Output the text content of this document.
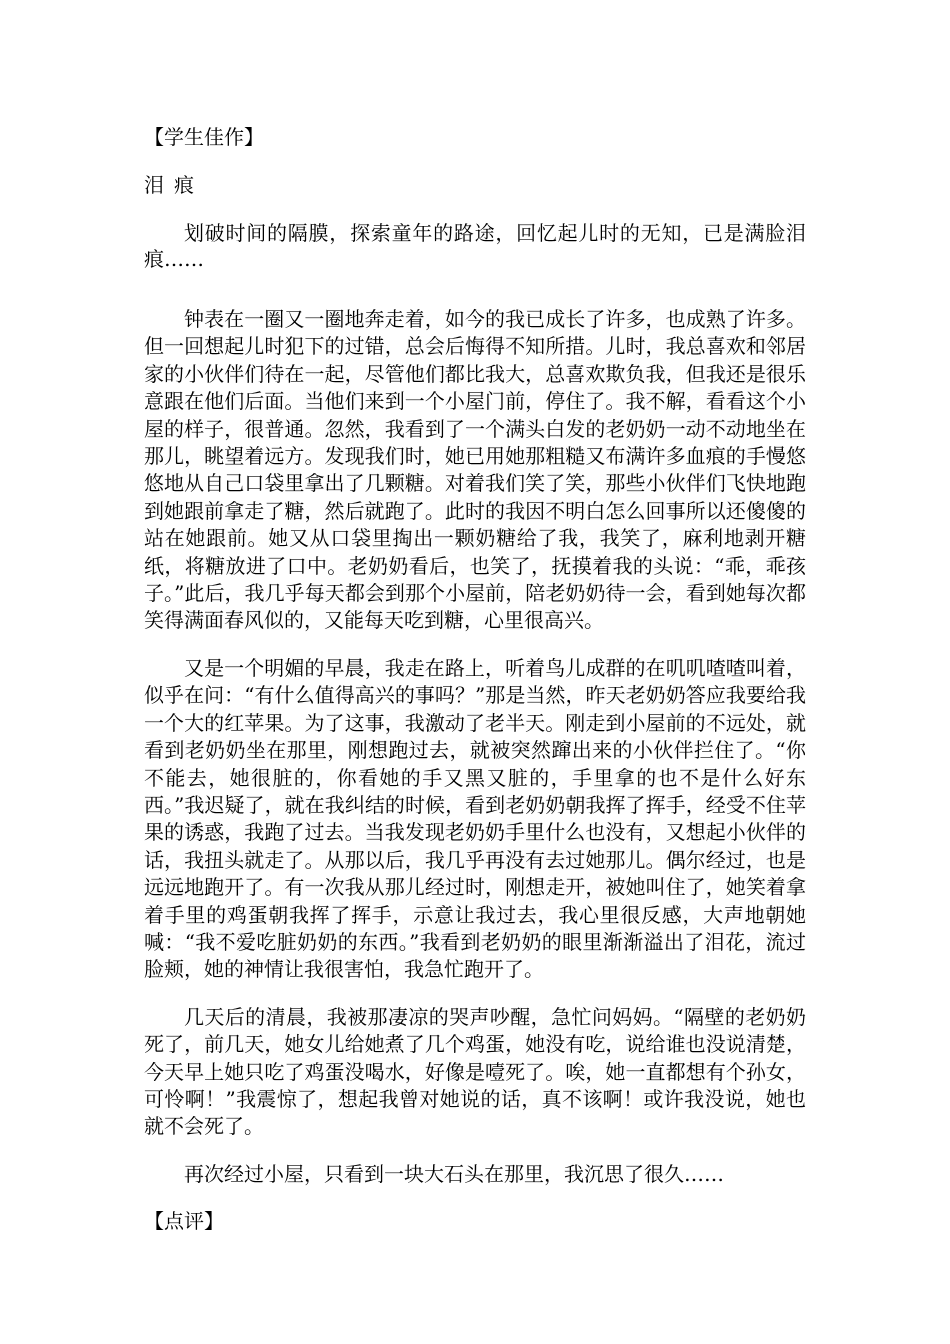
【学生佳作】
泪痕

划破时间的隔膜，探索童年的路途，回忆起儿时的无知，已是满脸泪痕……

钟表在一圈又一圈地奔走着，如今的我已成长了许多，也成熟了许多。但一回想起儿时犯下的过错，总会后悔得不知所措。儿时，我总喜欢和邻居家的小伙伴们待在一起，尽管他们都比我大，总喜欢欺负我，但我还是很乐意跟在他们后面。当他们来到一个小屋门前，停住了。我不解，看看这个小屋的样子，很普通。忽然，我看到了一个满头白发的老奶奶一动不动地坐在那儿，眺望着远方。发现我们时，她已用她那粗糙又布满许多血痕的手慢悠悠地从自己口袋里拿出了几颗糖。对着我们笑了笑，那些小伙伴们飞快地跑到她跟前拿走了糖，然后就跑了。此时的我因不明白怎么回事所以还傻傻的站在她跟前。她又从口袋里掏出一颗奶糖给了我，我笑了，麻利地剥开糖纸，将糖放进了口中。老奶奶看后，也笑了，抚摸着我的头说：“乖，乖孩子。”此后，我几乎每天都会到那个小屋前，陪老奶奶待一会，看到她每次都笑得满面春风似的，又能每天吃到糖，心里很高兴。

又是一个明媚的早晨，我走在路上，听着鸟儿成群的在叽叽喳喳叫着，似乎在问：“有什么值得高兴的事吗？”那是当然，昨天老奶奶答应我要给我一个大的红苹果。为了这事，我激动了老半天。刚走到小屋前的不远处，就看到老奶奶坐在那里，刚想跑过去，就被突然蹿出来的小伙伴拦住了。“你不能去，她很脏的，你看她的手又黑又脏的，手里拿的也不是什么好东西。”我迟疑了，就在我纠结的时候，看到老奶奶朝我挥了挥手，经受不住苹果的诱惑，我跑了过去。当我发现老奶奶手里什么也没有，又想起小伙伴的话，我扭头就走了。从那以后，我几乎再没有去过她那儿。偶尔经过，也是远远地跑开了。有一次我从那儿经过时，刚想走开，被她叫住了，她笑着拿着手里的鸡蛋朝我挥了挥手，示意让我过去，我心里很反感，大声地朝她喊：“我不爱吃脏奶奶的东西。”我看到老奶奶的眼里渐渐溢出了泪花，流过脸颊，她的神情让我很害怕，我急忙跑开了。

几天后的清晨，我被那凄凉的哭声吵醒，急忙问妈妈。“隔壁的老奶奶死了，前几天，她女儿给她煮了几个鸡蛋，她没有吃，说给谁也没说清楚，今天早上她只吃了鸡蛋没喝水，好像是噎死了。唉，她一直都想有个孙女，可怜啊！”我震惊了，想起我曾对她说的话，真不该啊！或许我没说，她也就不会死了。

再次经过小屋，只看到一块大石头在那里，我沉思了很久……

【点评】
